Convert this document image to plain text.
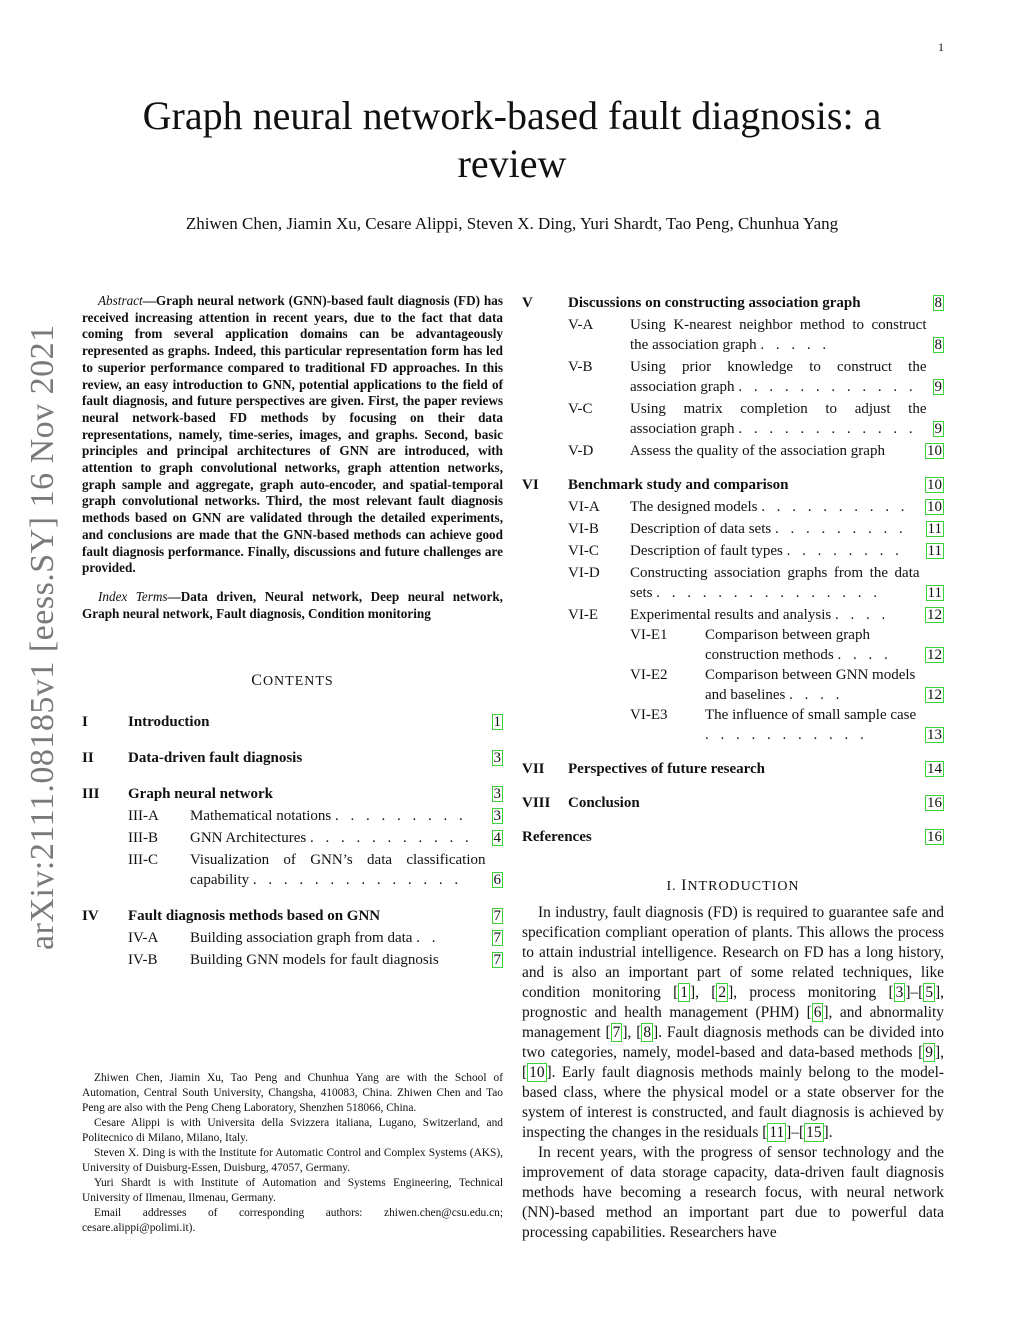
1
Graph neural network-based fault diagnosis: a review
Zhiwen Chen, Jiamin Xu, Cesare Alippi, Steven X. Ding, Yuri Shardt, Tao Peng, Chunhua Yang
arXiv:2111.08185v1 [eess.SY] 16 Nov 2021

Abstract—Graph neural network (GNN)-based fault diagnosis (FD) has received increasing attention in recent years, due to the fact that data coming from several application domains can be advantageously represented as graphs. Indeed, this particular representation form has led to superior performance compared to traditional FD approaches. In this review, an easy introduction to GNN, potential applications to the field of fault diagnosis, and future perspectives are given. First, the paper reviews neural network-based FD methods by focusing on their data representations, namely, time-series, images, and graphs. Second, basic principles and principal architectures of GNN are introduced, with attention to graph convolutional networks, graph attention networks, graph sample and aggregate, graph auto-encoder, and spatial-temporal graph convolutional networks. Third, the most relevant fault diagnosis methods based on GNN are validated through the detailed experiments, and conclusions are made that the GNN-based methods can achieve good fault diagnosis performance. Finally, discussions and future challenges are provided.

Index Terms—Data driven, Neural network, Deep neural network, Graph neural network, Fault diagnosis, Condition monitoring

CONTENTS
I	Introduction	1
II	Data-driven fault diagnosis	3
III	Graph neural network	3
III-A	Mathematical notations . . . . . . . . .	3
III-B	GNN Architectures . . . . . . . . . . .	4
III-C	Visualization of GNN’s data classification capability . . . . . . . . . . . . . .	6
IV	Fault diagnosis methods based on GNN	7
IV-A	Building association graph from data . .	7
IV-B	Building GNN models for fault diagnosis	7

Zhiwen Chen, Jiamin Xu, Tao Peng and Chunhua Yang are with the School of Automation, Central South University, Changsha, 410083, China. Zhiwen Chen and Tao Peng are also with the Peng Cheng Laboratory, Shenzhen 518066, China.

Cesare Alippi is with Universita della Svizzera italiana, Lugano, Switzerland, and Politecnico di Milano, Milano, Italy.

Steven X. Ding is with the Institute for Automatic Control and Complex Systems (AKS), University of Duisburg-Essen, Duisburg, 47057, Germany.

Yuri Shardt is with Institute of Automation and Systems Engineering, Technical University of Ilmenau, Ilmenau, Germany.

Email addresses of corresponding authors: zhiwen.chen@csu.edu.cn; cesare.alippi@polimi.it).

V	Discussions on constructing association graph	8
V-A	Using K-nearest neighbor method to construct the association graph . . . . .	8
V-B	Using prior knowledge to construct the association graph . . . . . . . . . . . .	9
V-C	Using matrix completion to adjust the association graph . . . . . . . . . . . .	9
V-D	Assess the quality of the association graph	10
VI	Benchmark study and comparison	10
VI-A	The designed models . . . . . . . . . .	10
VI-B	Description of data sets . . . . . . . . .	11
VI-C	Description of fault types . . . . . . . .	11
VI-D	Constructing association graphs from the data sets . . . . . . . . . . . . . . .	11
VI-E	Experimental results and analysis . . . .	12
VI-E1	Comparison between graph construction methods . . . .	12
VI-E2	Comparison between GNN models and baselines . . . .	12
VI-E3	The influence of small sample case . . . . . . . . . . .	13
VII	Perspectives of future research	14
VIII	Conclusion	16
References	16
I. INTRODUCTION

In industry, fault diagnosis (FD) is required to guarantee safe and specification compliant operation of plants. This allows the process to attain industrial intelligence. Research on FD has a long history, and is also an important part of some related techniques, like condition monitoring [ 1 ], [ 2 ], process monitoring [ 3 ]–[ 5 ], prognostic and health management (PHM) [ 6 ], and abnormality management [ 7 ], [ 8 ]. Fault diagnosis methods can be divided into two categories, namely, model-based and data-based methods [ 9 ], [ 10 ]. Early fault diagnosis methods mainly belong to the model-based class, where the physical model or a state observer for the system of interest is constructed, and fault diagnosis is achieved by inspecting the changes in the residuals [ 11 ]–[ 15 ].

In recent years, with the progress of sensor technology and the improvement of data storage capacity, data-driven fault diagnosis methods have becoming a research focus, with neural network (NN)-based method an important part due to powerful data processing capabilities. Researchers have
